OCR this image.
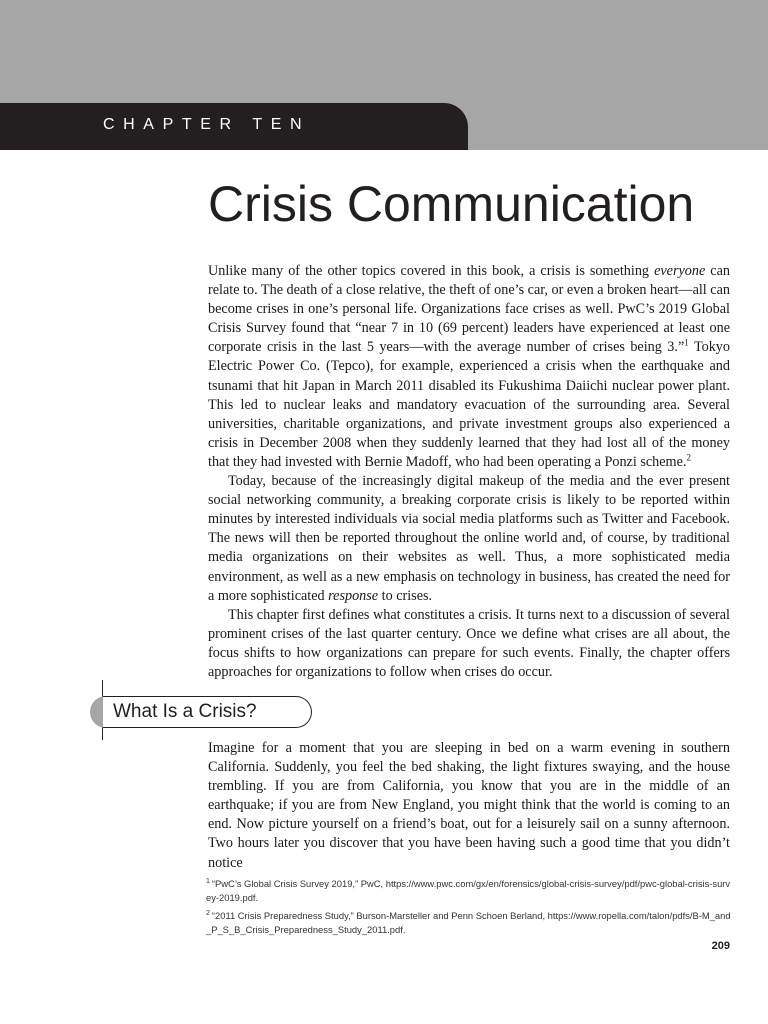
CHAPTER TEN
Crisis Communication

Unlike many of the other topics covered in this book, a crisis is something everyone can relate to. The death of a close relative, the theft of one’s car, or even a broken heart—all can become crises in one’s personal life. Organizations face crises as well. PwC’s 2019 Global Crisis Survey found that “near 7 in 10 (69 percent) leaders have experienced at least one corporate crisis in the last 5 years—with the average number of crises being 3.”$^1$ Tokyo Electric Power Co. (Tepco), for example, experienced a crisis when the earthquake and tsunami that hit Japan in March 2011 disabled its Fukushima Daiichi nuclear power plant. This led to nuclear leaks and mandatory evacuation of the surrounding area. Several universities, charitable organizations, and private investment groups also experienced a crisis in December 2008 when they suddenly learned that they had lost all of the money that they had invested with Bernie Madoff, who had been operating a Ponzi scheme.$^2$

Today, because of the increasingly digital makeup of the media and the ever present social networking community, a breaking corporate crisis is likely to be reported within minutes by interested individuals via social media platforms such as Twitter and Facebook. The news will then be reported throughout the online world and, of course, by traditional media organizations on their websites as well. Thus, a more sophisticated media environment, as well as a new emphasis on technology in business, has created the need for a more sophisticated response to crises.

This chapter first defines what constitutes a crisis. It turns next to a discussion of several prominent crises of the last quarter century. Once we define what crises are all about, the focus shifts to how organizations can prepare for such events. Finally, the chapter offers approaches for organizations to follow when crises do occur.

What Is a Crisis?

Imagine for a moment that you are sleeping in bed on a warm evening in southern California. Suddenly, you feel the bed shaking, the light fixtures swaying, and the house trembling. If you are from California, you know that you are in the middle of an earthquake; if you are from New England, you might think that the world is coming to an end. Now picture yourself on a friend’s boat, out for a leisurely sail on a sunny afternoon. Two hours later you discover that you have been having such a good time that you didn’t notice

$^1$ “PwC’s Global Crisis Survey 2019,” PwC, https://www.pwc.com/gx/en/forensics/global-crisis-survey/pdf/pwc-global-crisis-survey-2019.pdf.

$^2$ “2011 Crisis Preparedness Study,” Burson-Marsteller and Penn Schoen Berland, https://www.ropella.com/talon/pdfs/B-M_and_P_S_B_Crisis_Preparedness_Study_2011.pdf.

209
